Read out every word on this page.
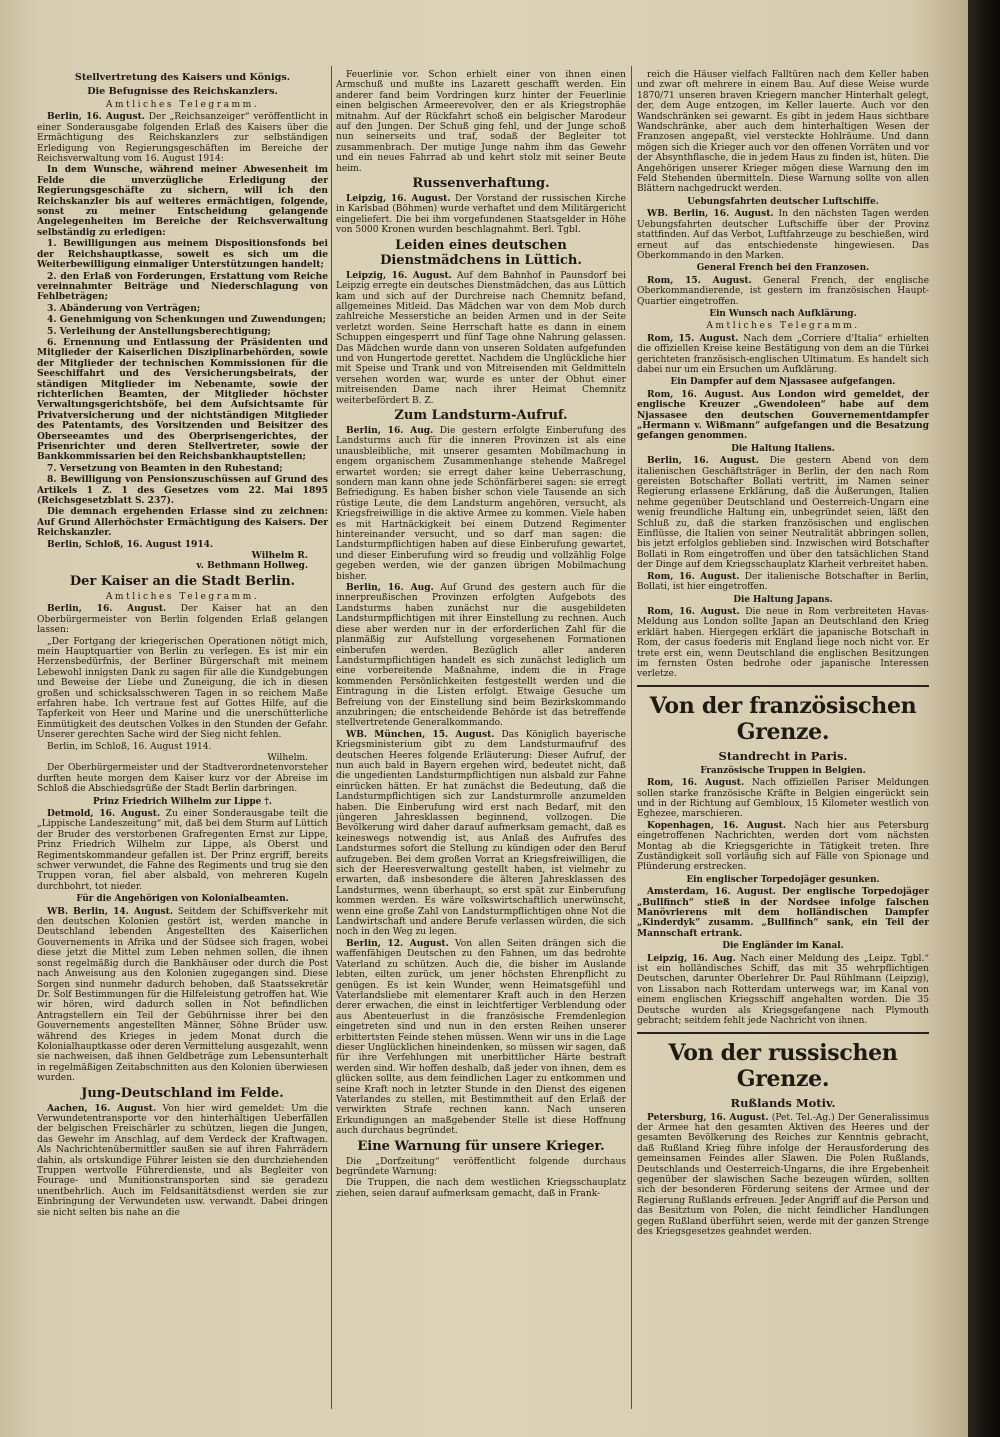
Stellvertretung des Kaisers und Königs.
Die Befugnisse des Reichskanzlers.
Amtliches Telegramm.

Berlin, 16. August. Der „Reichsanzeiger“ veröffentlicht in einer Sonderausgabe folgenden Erlaß des Kaisers über die Ermächtigung des Reichskanzlers zur selbständigen Erledigung von Regierungsgeschäften im Bereiche der Reichsverwaltung vom 16. August 1914:

In dem Wunsche, während meiner Abwesenheit im Felde die unverzügliche Erledigung der Regierungsgeschäfte zu sichern, will ich den Reichskanzler bis auf weiteres ermächtigen, folgende, sonst zu meiner Entscheidung gelangende Angelegenheiten im Bereiche der Reichsverwaltung selbständig zu erledigen:

1. Bewilligungen aus meinem Dispositionsfonds bei der Reichshauptkasse, soweit es sich um die Weiterbewilligung einmaliger Unterstützungen handelt;

2. den Erlaß von Forderungen, Erstattung vom Reiche vereinnahmter Beiträge und Niederschlagung von Fehlbeträgen;

3. Abänderung von Verträgen;

4. Genehmigung von Schenkungen und Zuwendungen;

5. Verleihung der Anstellungsberechtigung;

6. Ernennung und Entlassung der Präsidenten und Mitglieder der Kaiserlichen Disziplinarbehörden, sowie der Mitglieder der technischen Kommissionen für die Seeschiffahrt und des Versicherungsbeirats, der ständigen Mitglieder im Nebenamte, sowie der richterlichen Beamten, der Mitglieder höchster Verwaltungsgerichtshöfe, bei dem Aufsichtsamte für Privatversicherung und der nichtständigen Mitglieder des Patentamts, des Vorsitzenden und Beisitzer des Oberseeamtes und des Oberprisengerichtes, der Prisenrichter und deren Stellvertreter, sowie der Bankkommissarien bei den Reichsbankhauptstellen;

7. Versetzung von Beamten in den Ruhestand;

8. Bewilligung von Pensionszuschüssen auf Grund des Artikels 1 Z. 1 des Gesetzes vom 22. Mai 1895 (Reichsgesetzblatt S. 237).

Die demnach ergehenden Erlasse sind zu zeichnen: Auf Grund Allerhöchster Ermächtigung des Kaisers. Der Reichskanzler.

Berlin, Schloß, 16. August 1914.

Wilhelm R.
v. Bethmann Hollweg.
Der Kaiser an die Stadt Berlin.
Amtliches Telegramm.

Berlin, 16. August. Der Kaiser hat an den Oberbürgermeister von Berlin folgenden Erlaß gelangen lassen:

„Der Fortgang der kriegerischen Operationen nötigt mich, mein Hauptquartier von Berlin zu verlegen. Es ist mir ein Herzensbedürfnis, der Berliner Bürgerschaft mit meinem Lebewohl innigsten Dank zu sagen für alle die Kundgebungen und Beweise der Liebe und Zuneigung, die ich in diesen großen und schicksalsschweren Tagen in so reichem Maße erfahren habe. Ich vertraue fest auf Gottes Hilfe, auf die Tapferkeit von Heer und Marine und die unerschütterliche Einmütigkeit des deutschen Volkes in den Stunden der Gefahr. Unserer gerechten Sache wird der Sieg nicht fehlen.

Berlin, im Schloß, 16. August 1914.

Wilhelm.

Der Oberbürgermeister und der Stadtverordnetenvorsteher durften heute morgen dem Kaiser kurz vor der Abreise im Schloß die Abschiedsgrüße der Stadt Berlin darbringen.

Prinz Friedrich Wilhelm zur Lippe †.

Detmold, 16. August. Zu einer Sonderausgabe teilt die „Lippische Landeszeitung“ mit, daß bei dem Sturm auf Lüttich der Bruder des verstorbenen Grafregenten Ernst zur Lippe, Prinz Friedrich Wilhelm zur Lippe, als Oberst und Regimentskommandeur gefallen ist. Der Prinz ergriff, bereits schwer verwundet, die Fahne des Regiments und trug sie den Truppen voran, fiel aber alsbald, von mehreren Kugeln durchbohrt, tot nieder.

Für die Angehörigen von Kolonialbeamten.

WB. Berlin, 14. August. Seitdem der Schiffsverkehr mit den deutschen Kolonien gestört ist, werden manche in Deutschland lebenden Angestellten des Kaiserlichen Gouvernements in Afrika und der Südsee sich fragen, wobei diese jetzt die Mittel zum Leben nehmen sollen, die ihnen sonst regelmäßig durch die Bankhäuser oder durch die Post nach Anweisung aus den Kolonien zugegangen sind. Diese Sorgen sind nunmehr dadurch behoben, daß Staatssekretär Dr. Solf Bestimmungen für die Hilfeleistung getroffen hat. Wie wir hören, wird dadurch sollen in Not befindlichen Antragstellern ein Teil der Gebührnisse ihrer bei den Gouvernements angestellten Männer, Söhne Brüder usw. während des Krieges in jedem Monat durch die Kolonialhauptkasse oder deren Vermittelung ausgezahlt, wenn sie nachweisen, daß ihnen Geldbeträge zum Lebensunterhalt in regelmäßigen Zeitabschnitten aus den Kolonien überwiesen wurden.

Jung-Deutschland im Felde.

Aachen, 16. August. Von hier wird gemeldet: Um die Verwundetentransporte vor den hinterhältigen Ueberfällen der belgischen Freischärler zu schützen, liegen die Jungen, das Gewehr im Anschlag, auf dem Verdeck der Kraftwagen. Als Nachrichtenübermittler saußen sie auf ihren Fahrrädern dahin, als ortskundige Führer leisten sie den durchziehenden Truppen wertvolle Führerdienste, und als Begleiter von Fourage- und Munitionstransporten sind sie geradezu unentbehrlich. Auch im Feldsanitätsdienst werden sie zur Einbringung der Verwundeten usw. verwandt. Dabei dringen sie nicht selten bis nahe an die

Feuerlinie vor. Schon erhielt einer von ihnen einen Armschuß und mußte ins Lazarett geschafft werden. Ein anderer fand beim Vordringen kurz hinter der Feuerlinie einen belgischen Armeerevolver, den er als Kriegstrophäe mitnahm. Auf der Rückfahrt schoß ein belgischer Marodeur auf den Jungen. Der Schuß ging fehl, und der Junge schoß nun seinerseits und traf, sodaß der Begleiter tot zusammenbrach. Der mutige Junge nahm ihm das Gewehr und ein neues Fahrrad ab und kehrt stolz mit seiner Beute heim.

Russenverhaftung.

Leipzig, 16. August. Der Vorstand der russischen Kirche in Karlsbad (Böhmen) wurde verhaftet und dem Militärgericht eingeliefert. Die bei ihm vorgefundenen Staatsgelder in Höhe von 5000 Kronen wurden beschlagnahmt. Berl. Tgbl.

Leiden eines deutschen Dienstmädchens in Lüttich.

Leipzig, 16. August. Auf dem Bahnhof in Paunsdorf bei Leipzig erregte ein deutsches Dienstmädchen, das aus Lüttich kam und sich auf der Durchreise nach Chemnitz befand, allgemeines Mitleid. Das Mädchen war von dem Mob durch zahlreiche Messerstiche an beiden Armen und in der Seite verletzt worden. Seine Herrschaft hatte es dann in einem Schuppen eingesperrt und fünf Tage ohne Nahrung gelassen. Das Mädchen wurde dann von unseren Soldaten aufgefunden und von Hungertode gerettet. Nachdem die Unglückliche hier mit Speise und Trank und von Mitreisenden mit Geldmitteln versehen worden war, wurde es unter der Obhut einer mitreisenden Dame nach ihrer Heimat Chemnitz weiterbefördert B. Z.

Zum Landsturm-Aufruf.

Berlin, 16. Aug. Die gestern erfolgte Einberufung des Landsturms auch für die inneren Provinzen ist als eine unausbleibliche, mit unserer gesamten Mobilmachung in engem organischem Zusammenhange stehende Maßregel erwartet worden; sie erregt daher keine Ueberraschung, sondern man kann ohne jede Schönfärberei sagen: sie erregt Befriedigung. Es haben bisher schon viele Tausende an sich rüstige Leute, die dem Landsturm angehören, versucht, als Kriegsfreiwillige in die aktive Armee zu kommen. Viele haben es mit Hartnäckigkeit bei einem Dutzend Regimenter hintereinander versucht, und so darf man sagen: die Landsturmpflichtigen haben auf diese Einberufung gewartet, und dieser Einberufung wird so freudig und vollzählig Folge gegeben werden, wie der ganzen übrigen Mobilmachung bisher.

Berlin, 16. Aug. Auf Grund des gestern auch für die innerpreußischen Provinzen erfolgten Aufgebots des Landsturms haben zunächst nur die ausgebildeten Landsturmpflichtigen mit ihrer Einstellung zu rechnen. Auch diese aber werden nur in der erforderlichen Zahl für die planmäßig zur Aufstellung vorgesehenen Formationen einberufen werden. Bezüglich aller anderen Landsturmpflichtigen handelt es sich zunächst lediglich um eine vorbereitende Maßnahme, indem die in Frage kommenden Persönlichkeiten festgestellt werden und die Eintragung in die Listen erfolgt. Etwaige Gesuche um Befreiung von der Einstellung sind beim Bezirkskommando anzubringen; die entscheidende Behörde ist das betreffende stellvertretende Generalkommando.

WB. München, 15. August. Das Königlich bayerische Kriegsministerium gibt zu dem Landsturmaufruf des deutschen Heeres folgende Erläuterung: Dieser Aufruf, der nun auch bald in Bayern ergehen wird, bedeutet nicht, daß die ungedienten Landsturmpflichtigen nun alsbald zur Fahne einrücken hätten. Er hat zunächst die Bedeutung, daß die Landsturmpflichtigen sich zur Landsturmrolle anzumelden haben. Die Einberufung wird erst nach Bedarf, mit den jüngeren Jahresklassen beginnend, vollzogen. Die Bevölkerung wird daher darauf aufmerksam gemacht, daß es keineswegs notwendig ist, aus Anlaß des Aufrufes des Landsturmes sofort die Stellung zu kündigen oder den Beruf aufzugeben. Bei dem großen Vorrat an Kriegsfreiwilligen, die sich der Heeresverwaltung gestellt haben, ist vielmehr zu erwarten, daß insbesondere die älteren Jahresklassen des Landsturmes, wenn überhaupt, so erst spät zur Einberufung kommen werden. Es wäre volkswirtschaftlich unerwünscht, wenn eine große Zahl von Landsturmpflichtigen ohne Not die Landwirtschaft und andere Berufe verlassen würden, die sich noch in den Weg zu legen.

Berlin, 12. August. Von allen Seiten drängen sich die waffenfähigen Deutschen zu den Fahnen, um das bedrohte Vaterland zu schützen. Auch die, die bisher im Auslande lebten, eilten zurück, um jener höchsten Ehrenpflicht zu genügen. Es ist kein Wunder, wenn Heimatsgefühl und Vaterlandsliebe mit elementarer Kraft auch in den Herzen derer erwachen, die einst in leichtfertiger Verblendung oder aus Abenteuerlust in die französische Fremdenlegion eingetreten sind und nun in den ersten Reihen unserer erbittertsten Feinde stehen müssen. Wenn wir uns in die Lage dieser Unglücklichen hineindenken, so müssen wir sagen, daß für ihre Verfehlungen mit unerbittlicher Härte bestraft werden sind. Wir hoffen deshalb, daß jeder von ihnen, dem es glücken sollte, aus dem feindlichen Lager zu entkommen und seine Kraft noch in letzter Stunde in den Dienst des eigenen Vaterlandes zu stellen, mit Bestimmtheit auf den Erlaß der verwirkten Strafe rechnen kann. Nach unseren Erkundigungen an maßgebender Stelle ist diese Hoffnung auch durchaus begründet.

Eine Warnung für unsere Krieger.

Die „Dorfzeitung“ veröffentlicht folgende durchaus begründete Warnung:

Die Truppen, die nach dem westlichen Kriegsschauplatz ziehen, seien darauf aufmerksam gemacht, daß in Frank-

reich die Häuser vielfach Falltüren nach dem Keller haben und zwar oft mehrere in einem Bau. Auf diese Weise wurde 1870/71 unseren braven Kriegern mancher Hinterhalt gelegt, der, dem Auge entzogen, im Keller lauerte. Auch vor den Wandschränken sei gewarnt. Es gibt in jedem Haus sichtbare Wandschränke, aber auch dem hinterhaltigen Wesen der Franzosen angepaßt, viel versteckte Hohlräume. Und dann mögen sich die Krieger auch vor den offenen Vorräten und vor der Absynthflasche, die in jedem Haus zu finden ist, hüten. Die Angehörigen unserer Krieger mögen diese Warnung den im Feld Stehenden übermitteln. Diese Warnung sollte von allen Blättern nachgedruckt werden.

Uebungsfahrten deutscher Luftschiffe.

WB. Berlin, 16. August. In den nächsten Tagen werden Uebungsfahrten deutscher Luftschiffe über der Provinz stattfinden. Auf das Verbot, Luftfahrzeuge zu beschießen, wird erneut auf das entschiedenste hingewiesen. Das Oberkommando in den Marken.

General French bei den Franzosen.

Rom, 15. August. General French, der englische Oberkommandierende, ist gestern im französischen Haupt-Quartier eingetroffen.

Ein Wunsch nach Aufklärung.
Amtliches Telegramm.

Rom, 15. August. Nach dem „Corriere d'Italia“ erhielten die offiziellen Kreise keine Bestätigung von dem an die Türkei gerichteten französisch-englischen Ultimatum. Es handelt sich dabei nur um ein Ersuchen um Aufklärung.

Ein Dampfer auf dem Njassasee aufgefangen.

Rom, 16. August. Aus London wird gemeldet, der englische Kreuzer „Gwendoleen“ habe auf dem Njassasee den deutschen Gouvernementdampfer „Hermann v. Wißmann“ aufgefangen und die Besatzung gefangen genommen.

Die Haltung Italiens.

Berlin, 16. August. Die gestern Abend von dem italienischen Geschäftsträger in Berlin, der den nach Rom gereisten Botschafter Bollati vertritt, im Namen seiner Regierung erlassene Erklärung, daß die Äußerungen, Italien nehme gegenüber Deutschland und Oesterreich-Ungarn eine wenig freundliche Haltung ein, unbegründet seien, läßt den Schluß zu, daß die starken französischen und englischen Einflüsse, die Italien von seiner Neutralität abbringen sollen, bis jetzt erfolglos geblieben sind. Inzwischen wird Botschafter Bollati in Rom eingetroffen und über den tatsächlichen Stand der Dinge auf dem Kriegsschauplatz Klarheit verbreitet haben.

Rom, 16. August. Der italienische Botschafter in Berlin, Bollati, ist hier eingetroffen.

Die Haltung Japans.

Rom, 16. August. Die neue in Rom verbreiteten Havas-Meldung aus London sollte Japan an Deutschland den Krieg erklärt haben. Hiergegen erklärt die japanische Botschaft in Rom, der casus foederis mit England liege noch nicht vor. Er trete erst ein, wenn Deutschland die englischen Besitzungen im fernsten Osten bedrohe oder japanische Interessen verletze.

Von der französischen Grenze.
Standrecht in Paris.
Französische Truppen in Belgien.

Rom, 16. August. Nach offiziellen Pariser Meldungen sollen starke französische Kräfte in Belgien eingerückt sein und in der Richtung auf Gembloux, 15 Kilometer westlich von Eghezee, marschieren.

Kopenhagen, 16. August. Nach hier aus Petersburg eingetroffenen Nachrichten, werden dort vom nächsten Montag ab die Kriegsgerichte in Tätigkeit treten. Ihre Zuständigkeit soll vorläufig sich auf Fälle von Spionage und Plünderung erstrecken.

Ein englischer Torpedojäger gesunken.

Amsterdam, 16. August. Der englische Torpedojäger „Bullfinch“ stieß in der Nordsee infolge falschen Manövrierens mit dem holländischen Dampfer „Kinderdyk“ zusamm. „Bullfinch“ sank, ein Teil der Mannschaft ertrank.

Die Engländer im Kanal.

Leipzig, 16. Aug. Nach einer Meldung des „Leipz. Tgbl.“ ist ein holländisches Schiff, das mit 35 wehrpflichtigen Deutschen, darunter Oberlehrer Dr. Paul Rühlmann (Leipzig), von Lissabon nach Rotterdam unterwegs war, im Kanal von einem englischen Kriegsschiff angehalten worden. Die 35 Deutsche wurden als Kriegsgefangene nach Plymouth gebracht; seitdem fehlt jede Nachricht von ihnen.

Von der russischen Grenze.
Rußlands Motiv.

Petersburg, 16. August. (Pet. Tel.-Ag.) Der Generalissimus der Armee hat den gesamten Aktiven des Heeres und der gesamten Bevölkerung des Reiches zur Kenntnis gebracht, daß Rußland Krieg führe infolge der Herausforderung des gemeinsamen Feindes aller Slawen. Die Polen Rußlands, Deutschlands und Oesterreich-Ungarns, die ihre Ergebenheit gegenüber der slawischen Sache bezeugen würden, sollten sich der besonderen Förderung seitens der Armee und der Regierung Rußlands erfreuen. Jeder Angriff auf die Person und das Besitztum von Polen, die nicht feindlicher Handlungen gegen Rußland überführt seien, werde mit der ganzen Strenge des Kriegsgesetzes geahndet werden.
